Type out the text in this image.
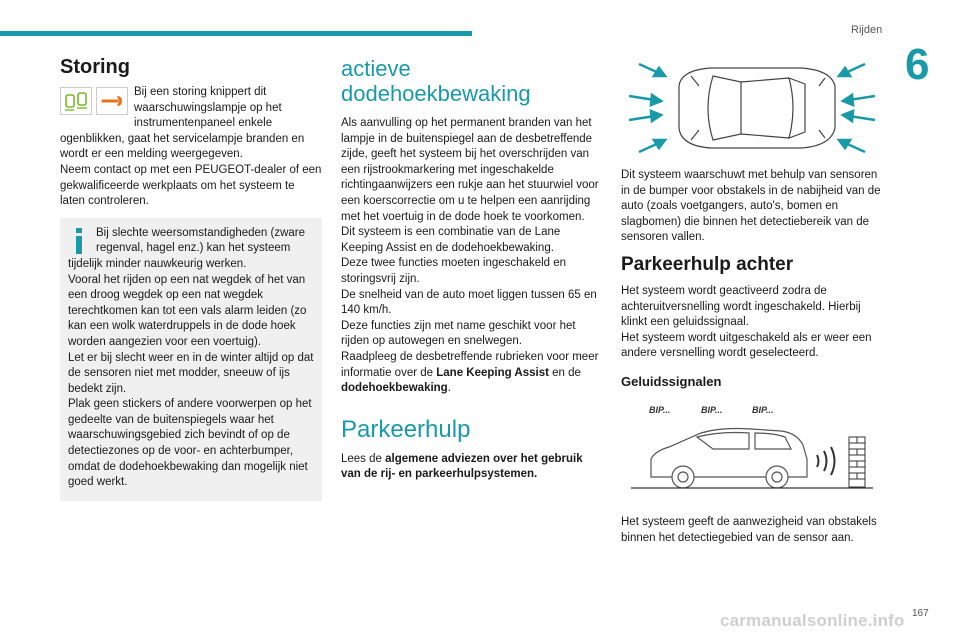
Rijden
6
carmanualsonline.info 167
Storing

Bij een storing knippert dit waarschuwingslampje op het instrumentenpaneel enkele ogenblikken, gaat het servicelampje branden en wordt er een melding weergegeven.

Neem contact op met een PEUGEOT-dealer of een gekwalificeerde werkplaats om het systeem te laten controleren.

Bij slechte weersomstandigheden (zware regenval, hagel enz.) kan het systeem tijdelijk minder nauwkeurig werken.

Vooral het rijden op een nat wegdek of het van een droog wegdek op een nat wegdek terechtkomen kan tot een vals alarm leiden (zo kan een wolk waterdruppels in de dode hoek worden aangezien voor een voertuig).

Let er bij slecht weer en in de winter altijd op dat de sensoren niet met modder, sneeuw of ijs bedekt zijn.

Plak geen stickers of andere voorwerpen op het gedeelte van de buitenspiegels waar het waarschuwingsgebied zich bevindt of op de detectiezones op de voor- en achterbumper, omdat de dodehoekbewaking dan mogelijk niet goed werkt.

actieve dodehoekbewaking

Als aanvulling op het permanent branden van het lampje in de buitenspiegel aan de desbetreffende zijde, geeft het systeem bij het overschrijden van een rijstrookmarkering met ingeschakelde richtingaanwijzers een rukje aan het stuurwiel voor een koerscorrectie om u te helpen een aanrijding met het voertuig in de dode hoek te voorkomen.

Dit systeem is een combinatie van de Lane Keeping Assist en de dodehoekbewaking.

Deze twee functies moeten ingeschakeld en storingsvrij zijn.

De snelheid van de auto moet liggen tussen 65 en 140 km/h.

Deze functies zijn met name geschikt voor het rijden op autowegen en snelwegen.

Raadpleeg de desbetreffende rubrieken voor meer informatie over de Lane Keeping Assist en de dodehoekbewaking.

Parkeerhulp

Lees de algemene adviezen over het gebruik van de rij- en parkeerhulpsystemen.

Dit systeem waarschuwt met behulp van sensoren in de bumper voor obstakels in de nabijheid van de auto (zoals voetgangers, auto's, bomen en slagbomen) die binnen het detectiebereik van de sensoren vallen.

Parkeerhulp achter

Het systeem wordt geactiveerd zodra de achteruitversnelling wordt ingeschakeld. Hierbij klinkt een geluidssignaal.

Het systeem wordt uitgeschakeld als er weer een andere versnelling wordt geselecteerd.

Geluidssignalen
BIP...	BIP...	BIP...

Het systeem geeft de aanwezigheid van obstakels binnen het detectiegebied van de sensor aan.
